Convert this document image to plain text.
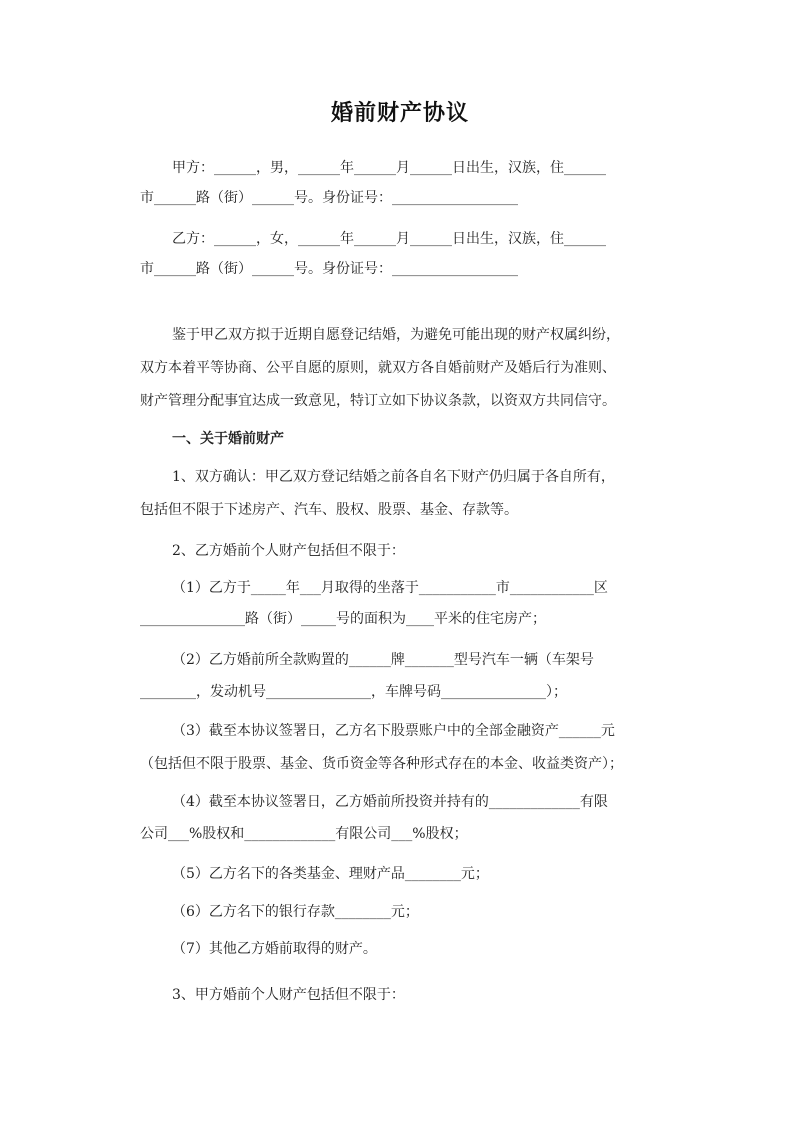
婚前财产协议
甲方：______，男，______年______月______日出生，汉族，住______
市______路（街）______号。身份证号：__________________
乙方：______，女，______年______月______日出生，汉族，住______
市______路（街）______号。身份证号：__________________
鉴于甲乙双方拟于近期自愿登记结婚，为避免可能出现的财产权属纠纷，
双方本着平等协商、公平自愿的原则，就双方各自婚前财产及婚后行为准则、
财产管理分配事宜达成一致意见，特订立如下协议条款，以资双方共同信守。
一、关于婚前财产
1、双方确认：甲乙双方登记结婚之前各自名下财产仍归属于各自所有，
包括但不限于下述房产、汽车、股权、股票、基金、存款等。
2、乙方婚前个人财产包括但不限于：
（1）乙方于_____年___月取得的坐落于___________市____________区
_______________路（街）_____号的面积为____平米的住宅房产；
（2）乙方婚前所全款购置的______牌_______型号汽车一辆（车架号
________，发动机号_______________，车牌号码_______________）；
（3）截至本协议签署日，乙方名下股票账户中的全部金融资产______元
（包括但不限于股票、基金、货币资金等各种形式存在的本金、收益类资产）；
（4）截至本协议签署日，乙方婚前所投资并持有的_____________有限
公司___%股权和_____________有限公司___%股权；
（5）乙方名下的各类基金、理财产品________元；
（6）乙方名下的银行存款________元；
（7）其他乙方婚前取得的财产。
3、甲方婚前个人财产包括但不限于：
